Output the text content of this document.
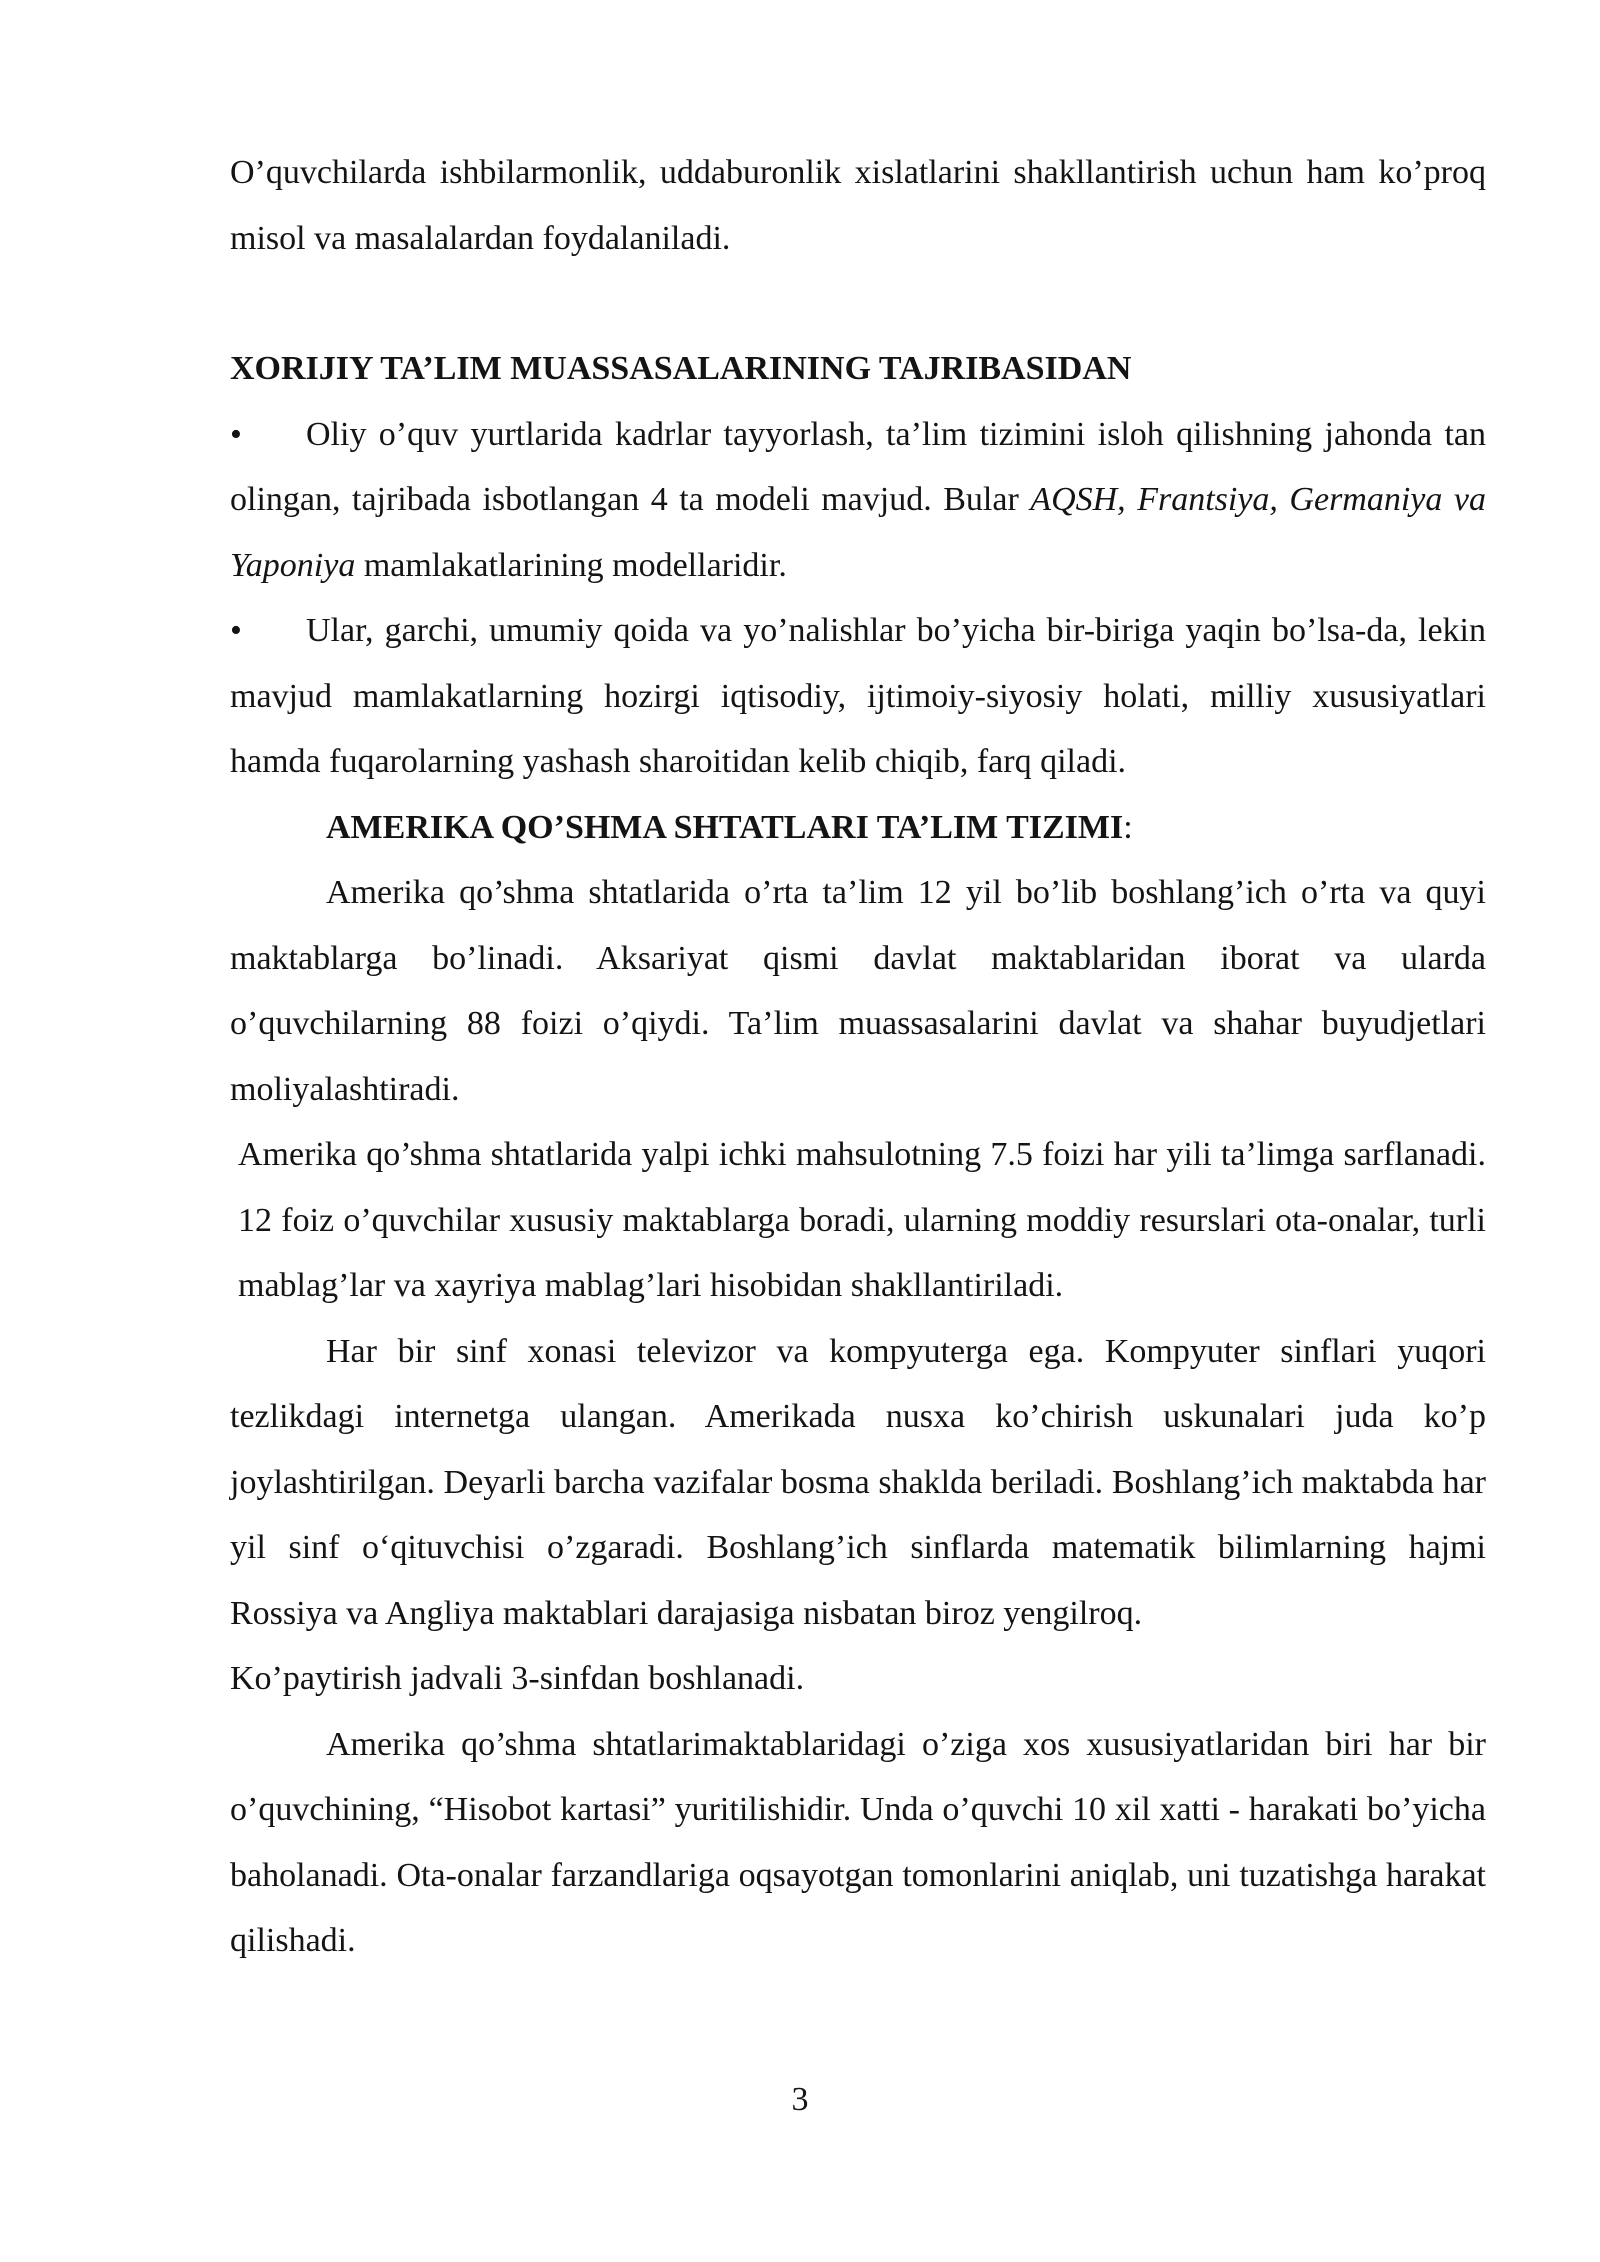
O’quvchilarda ishbilarmonlik, uddaburonlik xislatlarini shakllantirish uchun ham ko’proq misol va masalalardan foydalaniladi.

XORIJIY TA’LIM MUASSASALARINING TAJRIBASIDAN

•	Oliy o’quv yurtlarida kadrlar tayyorlash, ta’lim tizimini isloh qilishning jahonda tan olingan, tajribada isbotlangan 4 ta modeli mavjud. Bular AQSH, Frantsiya, Germaniya va Yaponiya mamlakatlarining modellaridir.

•	Ular, garchi, umumiy qoida va yo’nalishlar bo’yicha bir-biriga yaqin bo’lsa-da, lekin mavjud mamlakatlarning hozirgi iqtisodiy, ijtimoiy-siyosiy holati, milliy xususiyatlari hamda fuqarolarning yashash sharoitidan kelib chiqib, farq qiladi.

AMERIKA QO’SHMA SHTATLARI TA’LIM TIZIMI:

Amerika qo’shma shtatlarida o’rta ta’lim 12 yil bo’lib boshlang’ich o’rta va quyi maktablarga bo’linadi. Aksariyat qismi davlat maktablaridan iborat va ularda o’quvchilarning 88 foizi o’qiydi. Ta’lim muassasalarini davlat va shahar buyudjetlari moliyalashtiradi.

Amerika qo’shma shtatlarida yalpi ichki mahsulotning 7.5 foizi har yili ta’limga sarflanadi. 12 foiz o’quvchilar xususiy maktablarga boradi, ularning moddiy resurslari ota-onalar, turli mablag’lar va xayriya mablag’lari hisobidan shakllantiriladi.

Har bir sinf xonasi televizor va kompyuterga ega. Kompyuter sinflari yuqori tezlikdagi internetga ulangan. Amerikada nusxa ko’chirish uskunalari juda ko’p joylashtirilgan. Deyarli barcha vazifalar bosma shaklda beriladi. Boshlang’ich maktabda har yil sinf o‘qituvchisi o’zgaradi. Boshlang’ich sinflarda matematik bilimlarning hajmi Rossiya va Angliya maktablari darajasiga nisbatan biroz yengilroq.

Ko’paytirish jadvali 3-sinfdan boshlanadi.

Amerika qo’shma shtatlarimaktablaridagi o’ziga xos xususiyatlaridan biri har bir o’quvchining, “Hisobot kartasi” yuritilishidir. Unda o’quvchi 10 xil xatti - harakati bo’yicha baholanadi. Ota-onalar farzandlariga oqsayotgan tomonlarini aniqlab, uni tuzatishga harakat qilishadi.

3
